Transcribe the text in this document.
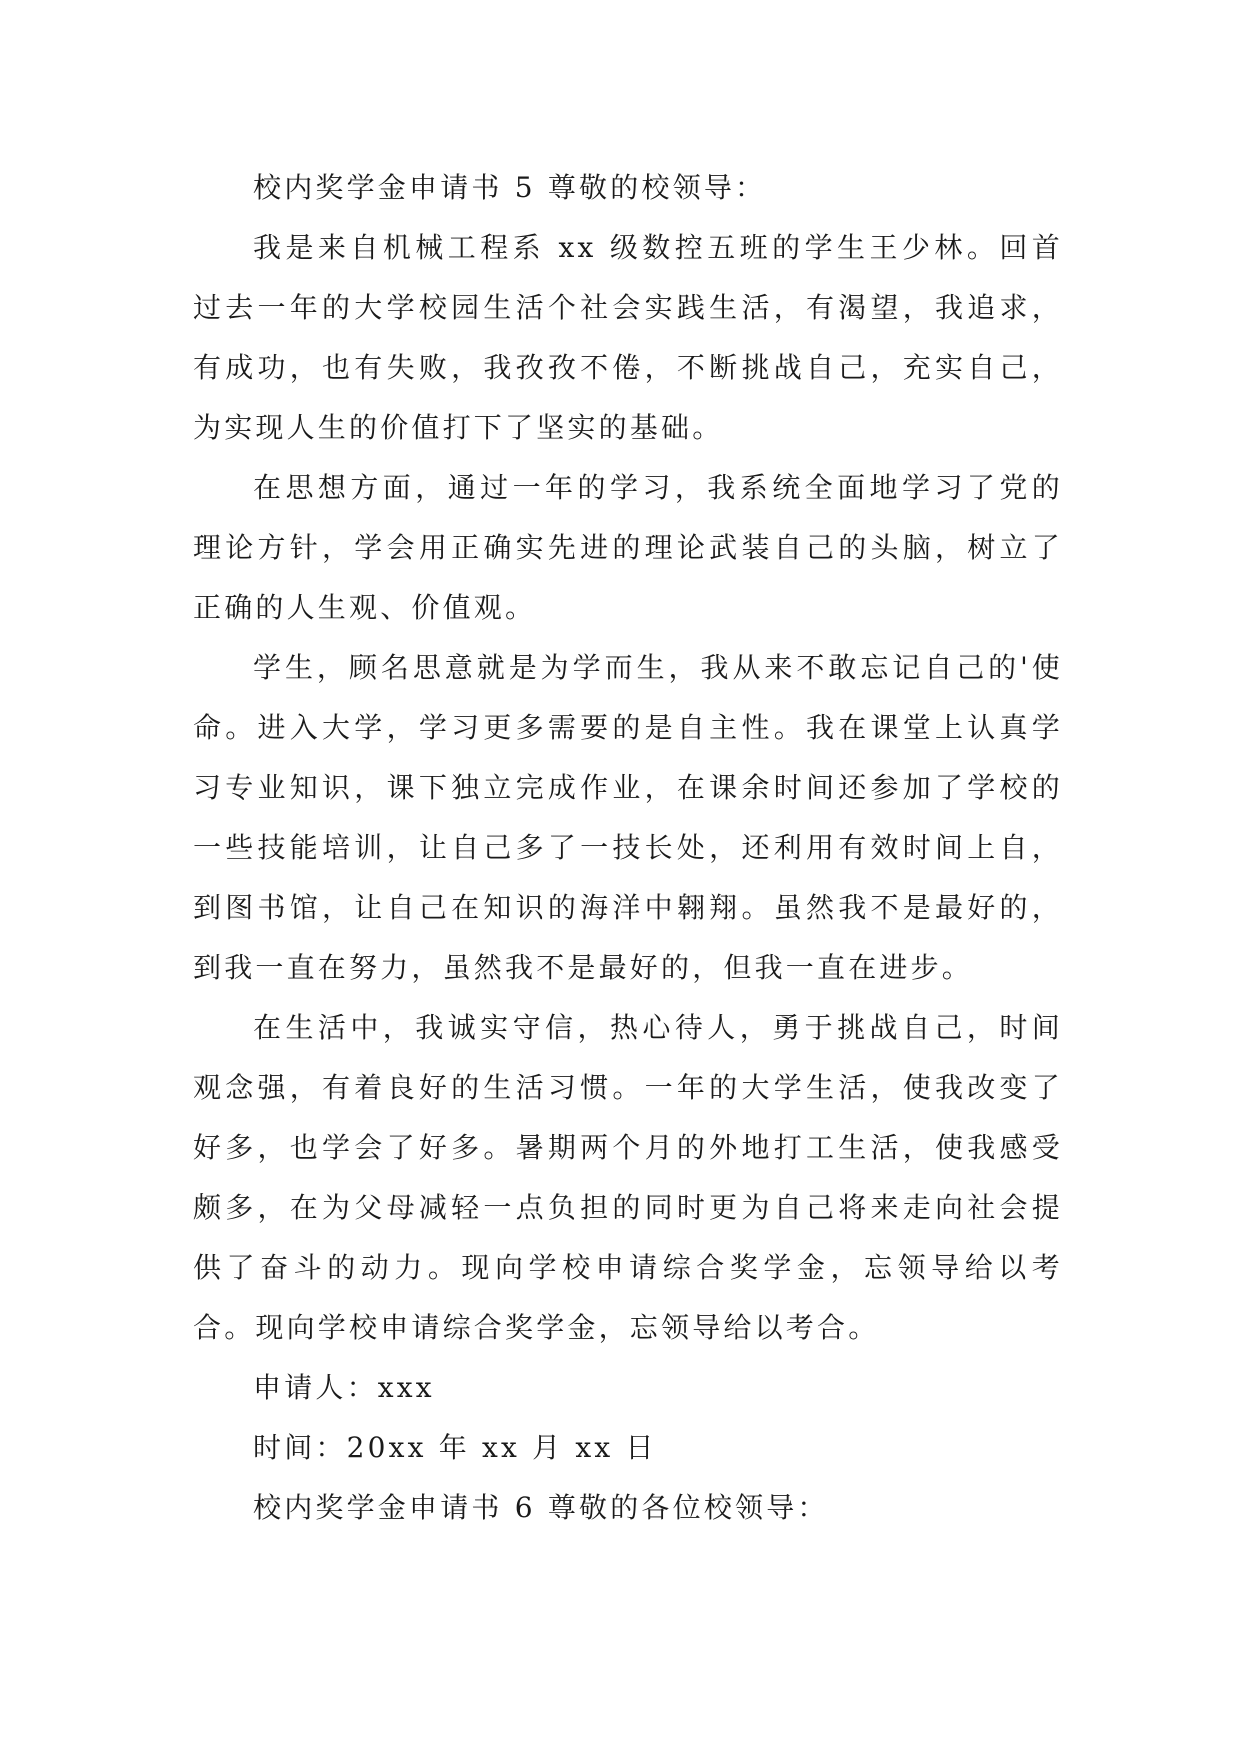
校内奖学金申请书 5 尊敬的校领导：

我是来自机械工程系 xx 级数控五班的学生王少林。回首过去一年的大学校园生活个社会实践生活，有渴望，我追求，有成功，也有失败，我孜孜不倦，不断挑战自己，充实自己，为实现人生的价值打下了坚实的基础。

在思想方面，通过一年的学习，我系统全面地学习了党的理论方针，学会用正确实先进的理论武装自己的头脑，树立了正确的人生观、价值观。

学生，顾名思意就是为学而生，我从来不敢忘记自己的'使命。进入大学，学习更多需要的是自主性。我在课堂上认真学习专业知识，课下独立完成作业，在课余时间还参加了学校的一些技能培训，让自己多了一技长处，还利用有效时间上自，到图书馆，让自己在知识的海洋中翱翔。虽然我不是最好的，到我一直在努力，虽然我不是最好的，但我一直在进步。

在生活中，我诚实守信，热心待人，勇于挑战自己，时间观念强，有着良好的生活习惯。一年的大学生活，使我改变了好多，也学会了好多。暑期两个月的外地打工生活，使我感受颇多，在为父母减轻一点负担的同时更为自己将来走向社会提供了奋斗的动力。现向学校申请综合奖学金，忘领导给以考合。现向学校申请综合奖学金，忘领导给以考合。

申请人：xxx

时间：20xx 年 xx 月 xx 日

校内奖学金申请书 6 尊敬的各位校领导：
